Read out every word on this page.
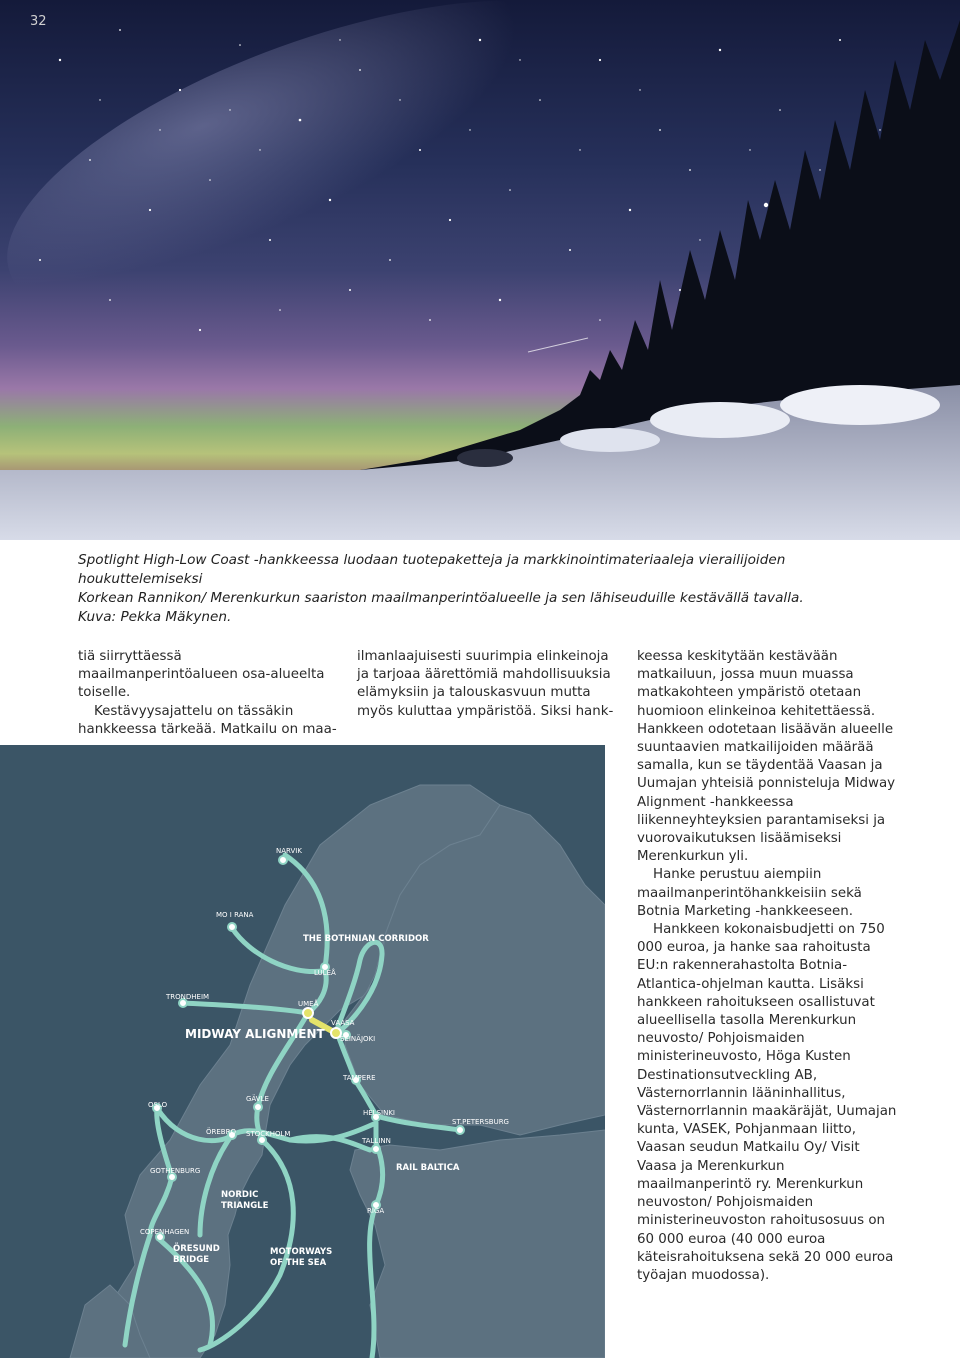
32
Spotlight High-Low Coast -hankkeessa luodaan tuotepaketteja ja markkinointimateriaaleja vierailijoiden houkuttelemiseksi
Korkean Rannikon/ Merenkurkun saariston maailmanperintöalueelle ja sen lähiseuduille kestävällä tavalla.
Kuva: Pekka Mäkynen.

tiä siirryttäessä maailmanperintöalueen osa-alueelta toiselle.

Kestävyysajattelu on tässäkin hankkeessa tärkeää. Matkailu on maa-

ilmanlaajuisesti suurimpia elinkeinoja ja tarjoaa äärettömiä mahdollisuuksia elämyksiin ja talouskasvuun mutta myös kuluttaa ympäristöä. Siksi hank-

keessa keskitytään kestävään matkailuun, jossa muun muassa matkakohteen ympäristö otetaan huomioon elinkeinoa kehitettäessä. Hankkeen odotetaan lisäävän alueelle suuntaavien matkailijoiden määrää samalla, kun se täydentää Vaasan ja Uumajan yhteisiä ponnisteluja Midway Alignment -hankkeessa liikenneyhteyksien parantamiseksi ja vuorovaikutuksen lisäämiseksi Merenkurkun yli.

Hanke perustuu aiempiin maailmanperintöhankkeisiin sekä Botnia Marketing -hankkeeseen.

Hankkeen kokonaisbudjetti on 750 000 euroa, ja hanke saa rahoitusta EU:n rakennerahastolta Botnia-Atlantica-ohjelman kautta. Lisäksi hankkeen rahoitukseen osallistuvat alueellisella tasolla Merenkurkun neuvosto/ Pohjoismaiden ministerineuvosto, Höga Kusten Destinationsutveckling AB, Västernorrlannin lääninhallitus, Västernorrlannin maakäräjät, Uumajan kunta, VASEK, Pohjanmaan liitto, Vaasan seudun Matkailu Oy/ Visit Vaasa ja Merenkurkun maailmanperintö ry. Merenkurkun neuvoston/ Pohjoismaiden ministerineuvoston rahoitusosuus on 60 000 euroa (40 000 euroa käteisrahoituksena sekä 20 000 euroa työajan muodossa).

NARVIK
MO I RANA
LULEÅ
TRONDHEIM
UMEÅ
VAASA
SEINÄJOKI
TAMPERE
GÄVLE
OSLO
HELSINKI
ST.PETERSBURG
ÖREBRO STOCKHOLM
TALLINN
GOTHENBURG
RIGA
COPENHAGEN
THE BOTHNIAN CORRIDOR
MIDWAY ALIGNMENT
RAIL BALTICA
NORDIC
TRIANGLE
ÖRESUND
BRIDGE
MOTORWAYS
OF THE SEA
